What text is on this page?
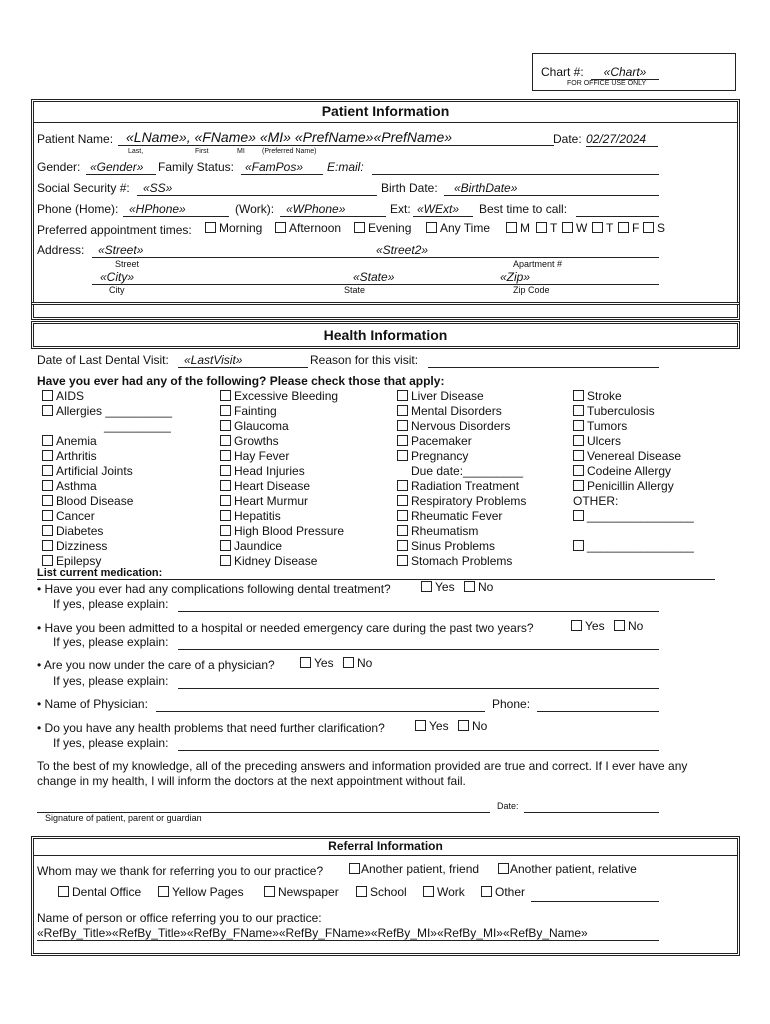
Chart #:	«Chart»
FOR OFFICE USE ONLY
Patient Information
Patient Name: «LName», «FName» «MI» «PrefName»«PrefName»	Date: 02/27/2024
Last,	First	MI (Preferred Name)
Gender: «Gender»	Family Status: «FamPos»	E:mail:
Social Security #:	«SS»	Birth Date:	«BirthDate»
Phone (Home): «HPhone»	(Work): «WPhone»	Ext: «WExt»	Best time to call:
Preferred appointment times:	Morning	Afternoon	Evening	Any Time	M	T	W	T	F	S
Address: «Street»	«Street2»
Street	Apartment #
«City»	«State»	«Zip»
City	State	Zip Code
Health Information
Date of Last Dental Visit:	«LastVisit»	Reason for this visit:
Have you ever had any of the following? Please check those that apply:
AIDS
Allergies __________
__________
Anemia
Arthritis
Artificial Joints
Asthma
Blood Disease
Cancer
Diabetes
Dizziness
Epilepsy
Excessive Bleeding
Fainting
Glaucoma
Growths
Hay Fever
Head Injuries
Heart Disease
Heart Murmur
Hepatitis
High Blood Pressure
Jaundice
Kidney Disease
Liver Disease
Mental Disorders
Nervous Disorders
Pacemaker
Pregnancy
Due date:_________
Radiation Treatment
Respiratory Problems
Rheumatic Fever
Rheumatism
Sinus Problems
Stomach Problems
Stroke
Tuberculosis
Tumors
Ulcers
Venereal Disease
Codeine Allergy
Penicillin Allergy
OTHER:
________________

________________
List current medication:
• Have you ever had any complications following dental treatment?	Yes	No
If yes, please explain:
• Have you been admitted to a hospital or needed emergency care during the past two years?	Yes	No
If yes, please explain:
• Are you now under the care of a physician?	Yes	No
If yes, please explain:
• Name of Physician:	Phone:
• Do you have any health problems that need further clarification?	Yes	No
If yes, please explain:
To the best of my knowledge, all of the preceding answers and information provided are true and correct. If I ever have any change in my health, I will inform the doctors at the next appointment without fail.
Date:
Signature of patient, parent or guardian
Referral Information
Whom may we thank for referring you to our practice?	Another patient, friend	Another patient, relative
Dental Office	Yellow Pages	Newspaper	School	Work	Other
Name of person or office referring you to our practice:
«RefBy_Title»«RefBy_Title»«RefBy_FName»«RefBy_FName»«RefBy_MI»«RefBy_MI»«RefBy_Name»
